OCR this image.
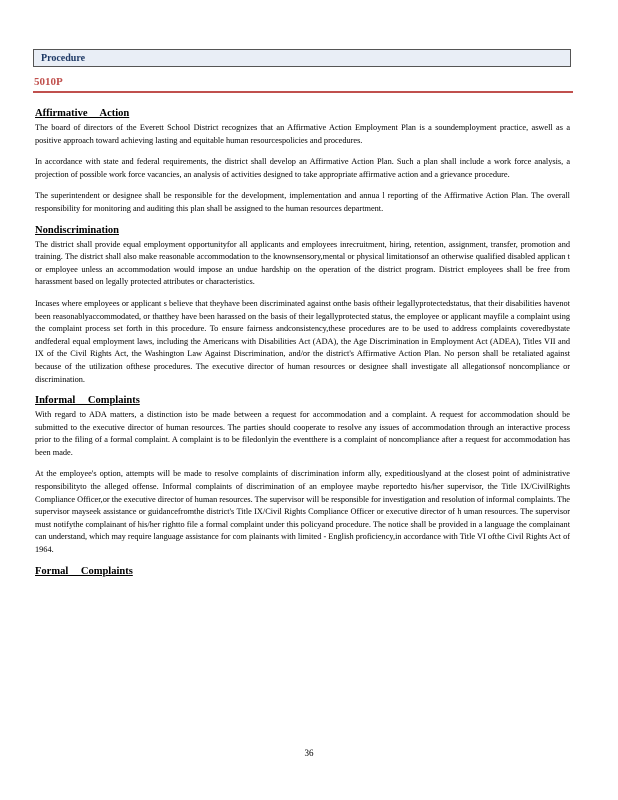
Procedure
5010P
Affirmative Action

The board of directors of the Everett School District recognizes that an Affirmative Action Employment Plan is a soundemployment practice, aswell as a positive approach toward achieving lasting and equitable human resourcespolicies and procedures.

In accordance with state and federal requirements, the district shall develop an Affirmative Action Plan. Such a plan shall include a work force analysis, a projection of possible work force vacancies, an analysis of activities designed to take appropriate affirmative action and a grievance procedure.

The superintendent or designee shall be responsible for the development, implementation and annua l reporting of the Affirmative Action Plan. The overall responsibility for monitoring and auditing this plan shall be assigned to the human resources department.

Nondiscrimination

The district shall provide equal employment opportunityfor all applicants and employees inrecruitment, hiring, retention, assignment, transfer, promotion and training. The district shall also make reasonable accommodation to the knownsensory,mental or physical limitationsof an otherwise qualified disabled applican t or employee unless an accommodation would impose an undue hardship on the operation of the district program. District employees shall be free from harassment based on legally protected attributes or characteristics.

Incases where employees or applicant s believe that theyhave been discriminated against onthe basis oftheir legallyprotectedstatus, that their disabilities havenot been reasonablyaccommodated, or thatthey have been harassed on the basis of their legallyprotected status, the employee or applicant mayfile a complaint using the complaint process set forth in this procedure. To ensure fairness andconsistency,these procedures are to be used to address complaints coveredbystate andfederal equal employment laws, including the Americans with Disabilities Act (ADA), the Age Discrimination in Employment Act (ADEA), Titles VII and IX of the Civil Rights Act, the Washington Law Against Discrimination, and/or the district's Affirmative Action Plan. No person shall be retaliated against because of the utilization ofthese procedures. The executive director of human resources or designee shall investigate all allegationsof noncompliance or discrimination.

Informal Complaints

With regard to ADA matters, a distinction isto be made between a request for accommodation and a complaint. A request for accommodation should be submitted to the executive director of human resources. The parties should cooperate to resolve any issues of accommodation through an interactive process prior to the filing of a formal complaint. A complaint is to be filedonlyin the eventthere is a complaint of noncompliance after a request for accommodation has been made.

At the employee's option, attempts will be made to resolve complaints of discrimination inform ally, expeditiouslyand at the closest point of administrative responsibilityto the alleged offense. Informal complaints of discrimination of an employee maybe reportedto his/her supervisor, the Title IX/CivilRights Compliance Officer,or the executive director of human resources. The supervisor will be responsible for investigation and resolution of informal complaints. The supervisor mayseek assistance or guidancefromthe district's Title IX/Civil Rights Compliance Officer or executive director of h uman resources. The supervisor must notifythe complainant of his/her rightto file a formal complaint under this policyand procedure. The notice shall be provided in a language the complainant can understand, which may require language assistance for com plainants with limited - English proficiency,in accordance with Title VI ofthe Civil Rights Act of 1964.

Formal Complaints
36
